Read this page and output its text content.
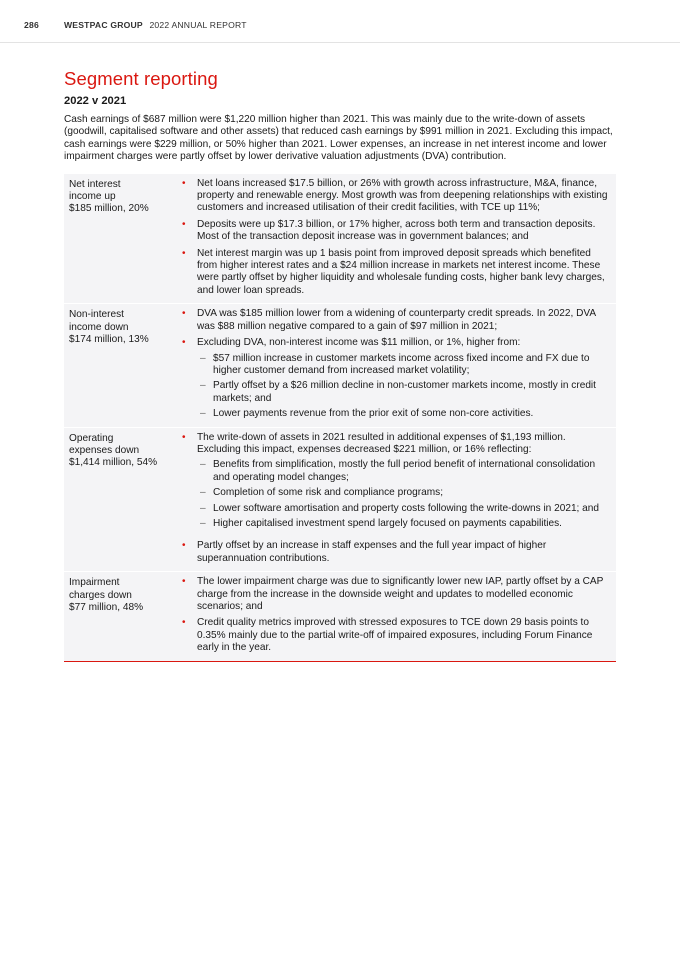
286	WESTPAC GROUP 2022 ANNUAL REPORT
Segment reporting
2022 v 2021

Cash earnings of $687 million were $1,220 million higher than 2021. This was mainly due to the write-down of assets (goodwill, capitalised software and other assets) that reduced cash earnings by $991 million in 2021. Excluding this impact, cash earnings were $229 million, or 50% higher than 2021. Lower expenses, an increase in net interest income and lower impairment charges were partly offset by lower derivative valuation adjustments (DVA) contribution.

Net interest
income up
$185 million, 20%
• Net loans increased $17.5 billion, or 26% with growth across infrastructure, M&A, finance, property and renewable energy. Most growth was from deepening relationships with existing customers and increased utilisation of their credit facilities, with TCE up 11%;
• Deposits were up $17.3 billion, or 17% higher, across both term and transaction deposits. Most of the transaction deposit increase was in government balances; and
• Net interest margin was up 1 basis point from improved deposit spreads which benefited from higher interest rates and a $24 million increase in markets net interest income. These were partly offset by higher liquidity and wholesale funding costs, higher bank levy charges, and lower loan spreads.
Non-interest
income down
$174 million, 13%
• DVA was $185 million lower from a widening of counterparty credit spreads. In 2022, DVA was $88 million negative compared to a gain of $97 million in 2021;
• Excluding DVA, non-interest income was $11 million, or 1%, higher from:
– $57 million increase in customer markets income across fixed income and FX due to higher customer demand from increased market volatility;
– Partly offset by a $26 million decline in non-customer markets income, mostly in credit markets; and
– Lower payments revenue from the prior exit of some non-core activities.
Operating
expenses down
$1,414 million, 54%
• The write-down of assets in 2021 resulted in additional expenses of $1,193 million. Excluding this impact, expenses decreased $221 million, or 16% reflecting:
– Benefits from simplification, mostly the full period benefit of international consolidation and operating model changes;
– Completion of some risk and compliance programs;
– Lower software amortisation and property costs following the write-downs in 2021; and
– Higher capitalised investment spend largely focused on payments capabilities.
• Partly offset by an increase in staff expenses and the full year impact of higher superannuation contributions.
Impairment
charges down
$77 million, 48%
• The lower impairment charge was due to significantly lower new IAP, partly offset by a CAP charge from the increase in the downside weight and updates to modelled economic scenarios; and
• Credit quality metrics improved with stressed exposures to TCE down 29 basis points to 0.35% mainly due to the partial write-off of impaired exposures, including Forum Finance early in the year.
